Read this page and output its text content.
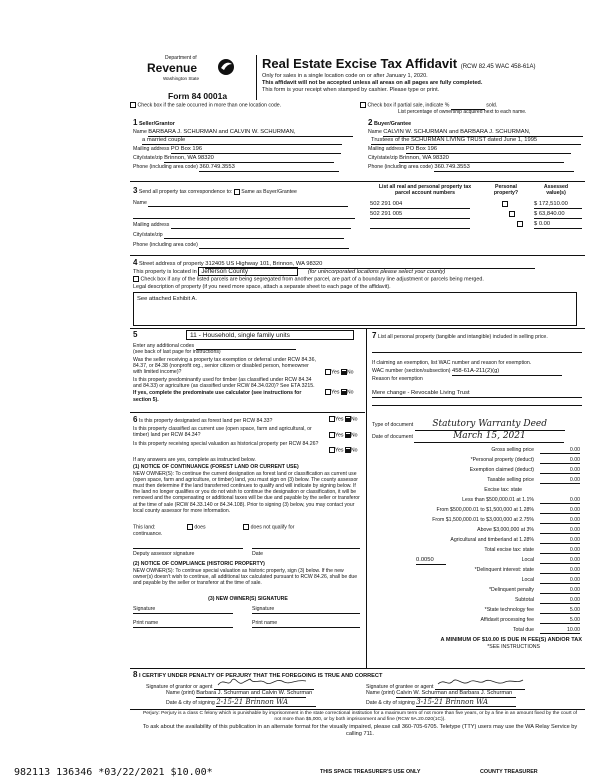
Department of
Revenue
Washington State
Form 84 0001a
Real Estate Excise Tax Affidavit (RCW 82.45 WAC 458-61A)
Only for sales in a single location code on or after January 1, 2020.
This affidavit will not be accepted unless all areas on all pages are fully completed.
This form is your receipt when stamped by cashier. Please type or print.
Check box if the sale occurred in more than one location code.	Check box if partial sale, indicate %	sold.
List percentage of ownership acquired next to each name.
1 Seller/Grantor
Name BARBARA J. SCHURMAN and CALVIN W. SCHURMAN,
a married couple
Mailing address PO Box 196
City/state/zip Brinnon, WA 98320
Phone (including area code) 360.749.3553
2 Buyer/Grantee
Name CALVIN W. SCHURMAN and BARBARA J. SCHURMAN,
Trustees of the SCHURMAN LIVING TRUST dated June 1, 1995
Mailing address PO Box 196
City/state/zip Brinnon, WA 98320
Phone (including area code) 360.749.3553
3 Send all property tax correspondence to: Same as Buyer/Grantee
Name

Mailing address
City/state/zip
Phone (including area code)
List all real and personal property tax
parcel account numbers
Personal
property?
Assessed
value(s)
502 291 004
	$ 172,510.00
502 291 005
	$ 63,840.00

$ 0.00
4 Street address of property 312405 US Highway 101, Brinnon, WA 98320
This property is located in Jefferson County	(for unincorporated locations please select your county)
Check box if any of the listed parcels are being segregated from another parcel, are part of a boundary line adjustment or parcels being merged.
Legal description of property (if you need more space, attach a separate sheet to each page of the affidavit).
See attached Exhibit A.
5	11 - Household, single family units
Enter any additional codes
(see back of last page for instructions)
Was the seller receiving a property tax exemption or deferral under RCW 84.36, 84.37, or 84.38 (nonprofit org., senior citizen or disabled person, homeowner with limited income)?	Yes No
Is this property predominantly used for timber (as classified under RCW 84.34 and 84.33) or agriculture (as classified under RCW 84.34.020)? See ETA 3215.
Yes No
If yes, complete the predominate use calculator (see instructions for section 5).
6 Is this property designated as forest land per RCW 84.33?	Yes No
Is this property classified as current use (open space, farm and agricultural, or timber) land per RCW 84.34?	Yes No
Is this property receiving special valuation as historical property per RCW 84.26?
Yes No
If any answers are yes, complete as instructed below.
(1) NOTICE OF CONTINUANCE (FOREST LAND OR CURRENT USE)
NEW OWNER(S): To continue the current designation as forest land or classification as current use (open space, farm and agriculture, or timber) land, you must sign on (3) below. The county assessor must then determine if the land transferred continues to qualify and will indicate by signing below. If the land no longer qualifies or you do not wish to continue the designation or classification, it will be removed and the compensating or additional taxes will be due and payable by the seller or transferor at the time of sale (RCW 84.33.140 or 84.34.108). Prior to signing (3) below, you may contact your local county assessor for more information.
This land:	does	does not qualify for
continuance.
Deputy assessor signature	Date
(2) NOTICE OF COMPLIANCE (HISTORIC PROPERTY)
NEW OWNER(S): To continue special valuation as historic property, sign (3) below. If the new owner(s) doesn't wish to continue, all additional tax calculated pursuant to RCW 84.26, shall be due and payable by the seller or transferor at the time of sale.
(3) NEW OWNER(S) SIGNATURE
Signature	Signature
Print name	Print name
7 List all personal property (tangible and intangible) included in selling price.
If claiming an exemption, list WAC number and reason for exemption.
WAC number (section/subsection) 458-61A-211(2)(g)
Reason for exemption
Mere change - Revocable Living Trust
Type of document Statutory Warranty Deed
Date of document	March 15, 2021
Gross selling price	0.00
*Personal property (deduct)	0.00
Exemption claimed (deduct)	0.00
Taxable selling price	0.00
Excise tax: state
Less than $500,000.01 at 1.1%	0.00
From $500,000.01 to $1,500,000 at 1.28%	0.00
From $1,500,000.01 to $3,000,000 at 2.75%	0.00
Above $3,000,000 at 3%	0.00
Agricultural and timberland at 1.28%	0.00
Total excise tax: state	0.00
0.0050	Local	0.00
*Delinquent interest: state	0.00
Local	0.00
*Delinquent penalty	0.00
Subtotal	0.00
*State technology fee	5.00
Affidavit processing fee	5.00
Total due	10.00
A MINIMUM OF $10.00 IS DUE IN FEE(S) AND/OR TAX
*SEE INSTRUCTIONS
8 I CERTIFY UNDER PENALTY OF PERJURY THAT THE FOREGOING IS TRUE AND CORRECT
Signature of grantor or agent	Signature of grantee or agent
Name (print) Barbara J. Schurman and Calvin W. Schurman	Name (print) Calvin W. Schurman and Barbara J. Schurman
Date & city of signing 2-15-21 Brinnon WA	Date & city of signing 3-15-21 Brinnon WA
Perjury: Perjury is a class C felony which is punishable by imprisonment in the state correctional institution for a maximum term of not more than five years, or by a fine in an amount fixed by the court of not more than $5,000, or by both imprisonment and fine (RCW 9A.20.020(1C)).
To ask about the availability of this publication in an alternate format for the visually impaired, please call 360-705-6705. Teletype (TTY) users may use the WA Relay Service by calling 711.
982113 136346 *03/22/2021 $10.00*	THIS SPACE TREASURER'S USE ONLY	COUNTY TREASURER
